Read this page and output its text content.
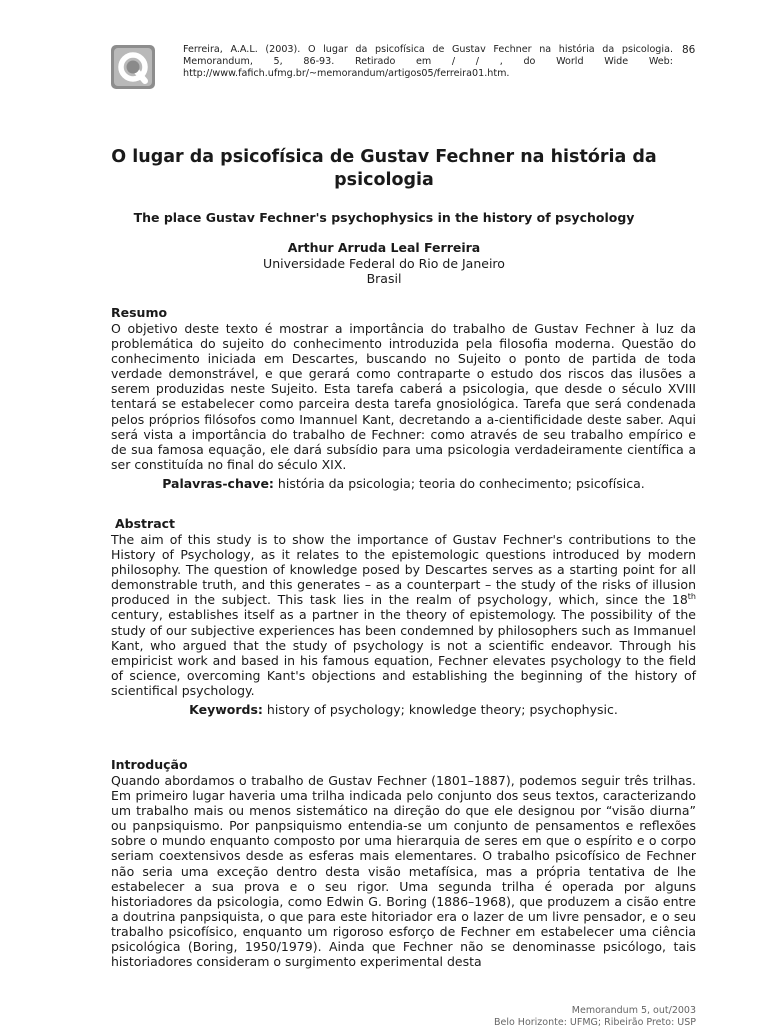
Ferreira, A.A.L. (2003). O lugar da psicofísica de Gustav Fechner na história da psicologia.
Memorandum, 5, 86-93. Retirado em / / , do World Wide Web:
http://www.fafich.ufmg.br/~memorandum/artigos05/ferreira01.htm.
86
O lugar da psicofísica de Gustav Fechner na história da psicologia
The place Gustav Fechner's psychophysics in the history of psychology
Arthur Arruda Leal Ferreira
Universidade Federal do Rio de Janeiro
Brasil
Resumo

O objetivo deste texto é mostrar a importância do trabalho de Gustav Fechner à luz da problemática do sujeito do conhecimento introduzida pela filosofia moderna. Questão do conhecimento iniciada em Descartes, buscando no Sujeito o ponto de partida de toda verdade demonstrável, e que gerará como contraparte o estudo dos riscos das ilusões a serem produzidas neste Sujeito. Esta tarefa caberá a psicologia, que desde o século XVIII tentará se estabelecer como parceira desta tarefa gnosiológica. Tarefa que será condenada pelos próprios filósofos como Imannuel Kant, decretando a a-cientificidade deste saber. Aqui será vista a importância do trabalho de Fechner: como através de seu trabalho empírico e de sua famosa equação, ele dará subsídio para uma psicologia verdadeiramente científica a ser constituída no final do século XIX.

Palavras-chave: história da psicologia; teoria do conhecimento; psicofísica.

Abstract

The aim of this study is to show the importance of Gustav Fechner's contributions to the History of Psychology, as it relates to the epistemologic questions introduced by modern philosophy. The question of knowledge posed by Descartes serves as a starting point for all demonstrable truth, and this generates – as a counterpart – the study of the risks of illusion produced in the subject. This task lies in the realm of psychology, which, since the 18th century, establishes itself as a partner in the theory of epistemology. The possibility of the study of our subjective experiences has been condemned by philosophers such as Immanuel Kant, who argued that the study of psychology is not a scientific endeavor. Through his empiricist work and based in his famous equation, Fechner elevates psychology to the field of science, overcoming Kant's objections and establishing the beginning of the history of scientifical psychology.

Keywords: history of psychology; knowledge theory; psychophysic.

Introdução

Quando abordamos o trabalho de Gustav Fechner (1801–1887), podemos seguir três trilhas. Em primeiro lugar haveria uma trilha indicada pelo conjunto dos seus textos, caracterizando um trabalho mais ou menos sistemático na direção do que ele designou por “visão diurna” ou panpsiquismo. Por panpsiquismo entendia-se um conjunto de pensamentos e reflexões sobre o mundo enquanto composto por uma hierarquia de seres em que o espírito e o corpo seriam coextensivos desde as esferas mais elementares. O trabalho psicofísico de Fechner não seria uma exceção dentro desta visão metafísica, mas a própria tentativa de lhe estabelecer a sua prova e o seu rigor. Uma segunda trilha é operada por alguns historiadores da psicologia, como Edwin G. Boring (1886–1968), que produzem a cisão entre a doutrina panpsiquista, o que para este hitoriador era o lazer de um livre pensador, e o seu trabalho psicofísico, enquanto um rigoroso esforço de Fechner em estabelecer uma ciência psicológica (Boring, 1950/1979). Ainda que Fechner não se denominasse psicólogo, tais historiadores consideram o surgimento experimental desta

Memorandum 5, out/2003
Belo Horizonte: UFMG; Ribeirão Preto: USP
